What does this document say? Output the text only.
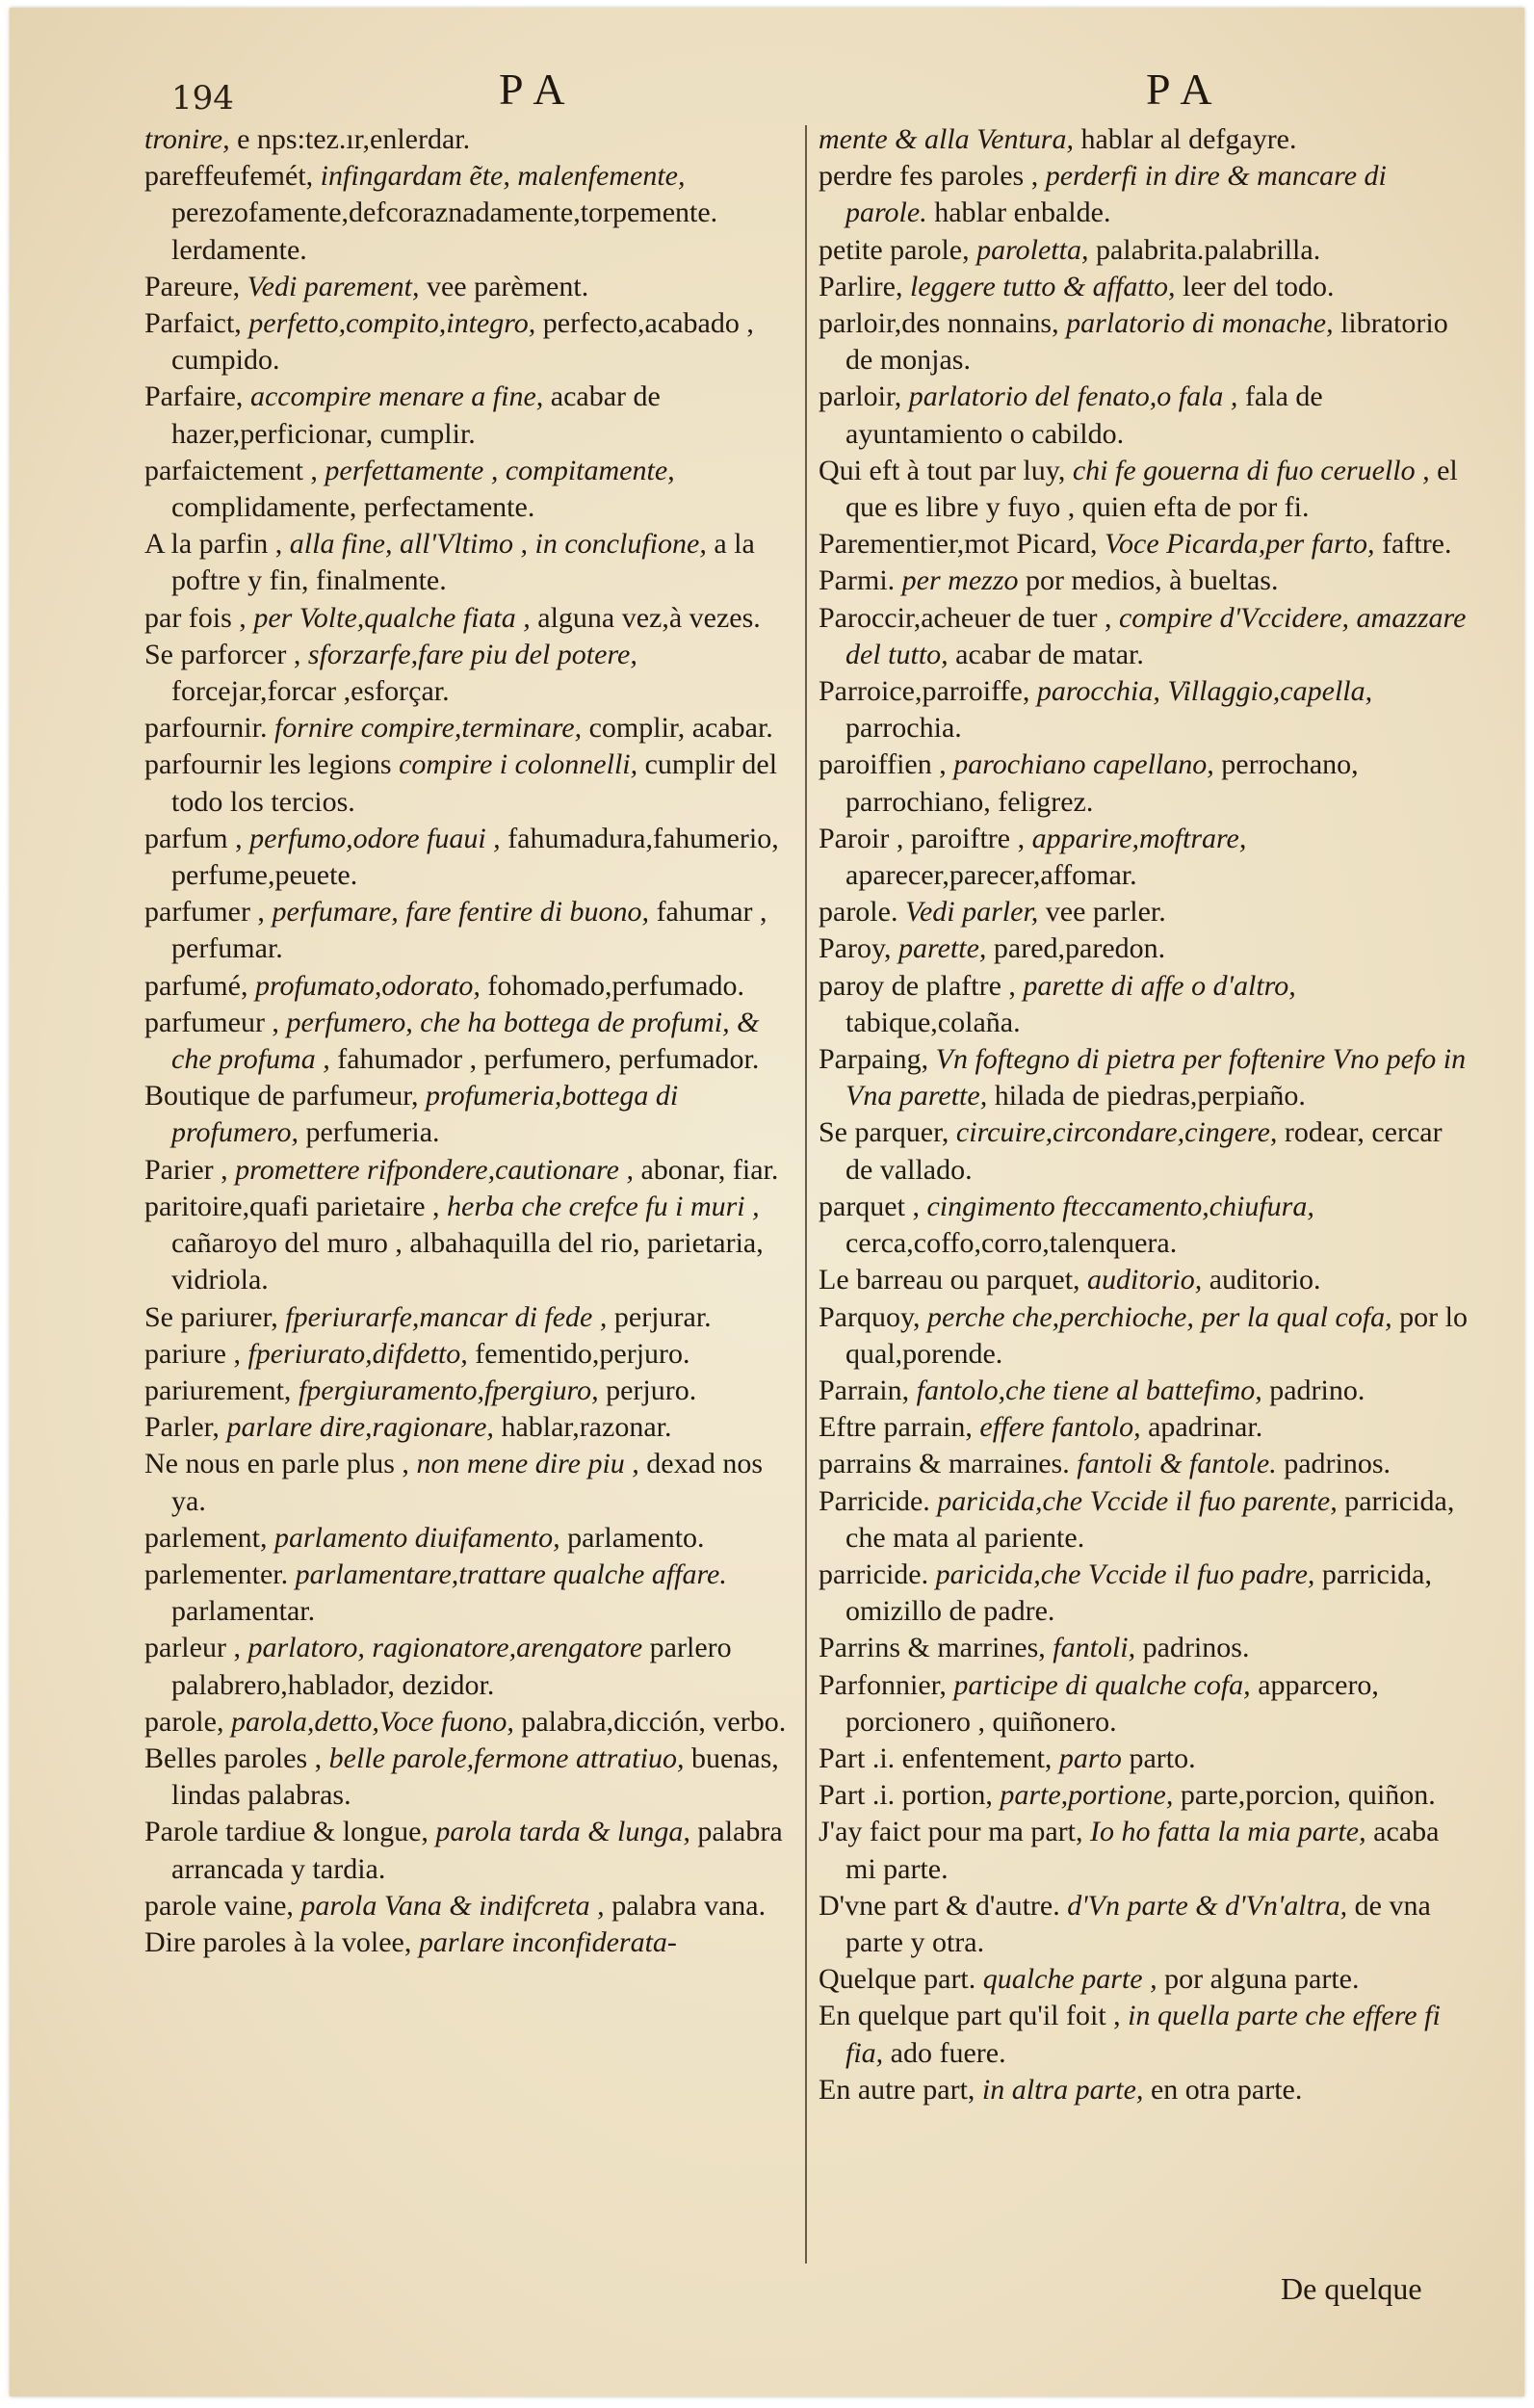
194	PA	PA

tronire, e nps:tez.ır,enlerdar.

pareffeufemét, infingardam ẽte, malenfemente, perezofamente,defcoraznadamente,torpemente. lerdamente.

Pareure, Vedi parement, vee parèment.

Parfaict, perfetto,compito,integro, perfecto,acabado , cumpido.

Parfaire, accompire menare a fine, acabar de hazer,perficionar, cumplir.

parfaictement , perfettamente , compitamente, complidamente, perfectamente.

A la parfin , alla fine, all'Vltimo , in conclufione, a la poftre y fin, finalmente.

par fois , per Volte,qualche fiata , alguna vez,à vezes.

Se parforcer , sforzarfe,fare piu del potere, forcejar,forcar ,esforçar.

parfournir. fornire compire,terminare, complir, acabar.

parfournir les legions compire i colonnelli, cumplir del todo los tercios.

parfum , perfumo,odore fuaui , fahumadura,fahumerio, perfume,peuete.

parfumer , perfumare, fare fentire di buono, fahumar , perfumar.

parfumé, profumato,odorato, fohomado,perfumado.

parfumeur , perfumero, che ha bottega de profumi, & che profuma , fahumador , perfumero, perfumador.

Boutique de parfumeur, profumeria,bottega di profumero, perfumeria.

Parier , promettere rifpondere,cautionare , abonar, fiar.

paritoire,quafi parietaire , herba che crefce fu i muri , cañaroyo del muro , albahaquilla del rio, parietaria, vidriola.

Se pariurer, fperiurarfe,mancar di fede , perjurar.

pariure , fperiurato,difdetto, fementido,perjuro.

pariurement, fpergiuramento,fpergiuro, perjuro.

Parler, parlare dire,ragionare, hablar,razonar.

Ne nous en parle plus , non mene dire piu , dexad nos ya.

parlement, parlamento diuifamento, parlamento.

parlementer. parlamentare,trattare qualche affare. parlamentar.

parleur , parlatoro, ragionatore,arengatore parlero palabrero,hablador, dezidor.

parole, parola,detto,Voce fuono, palabra,dicción, verbo.

Belles paroles , belle parole,fermone attratiuo, buenas, lindas palabras.

Parole tardiue & longue, parola tarda & lunga, palabra arrancada y tardia.

parole vaine, parola Vana & indifcreta , palabra vana.

Dire paroles à la volee, parlare inconfiderata-

mente & alla Ventura, hablar al defgayre.

perdre fes paroles , perderfi in dire & mancare di parole. hablar enbalde.

petite parole, paroletta, palabrita.palabrilla.

Parlire, leggere tutto & affatto, leer del todo.

parloir,des nonnains, parlatorio di monache, libratorio de monjas.

parloir, parlatorio del fenato,o fala , fala de ayuntamiento o cabildo.

Qui eft à tout par luy, chi fe gouerna di fuo ceruello , el que es libre y fuyo , quien efta de por fi.

Parementier,mot Picard, Voce Picarda,per farto, faftre.

Parmi. per mezzo por medios, à bueltas.

Paroccir,acheuer de tuer , compire d'Vccidere, amazzare del tutto, acabar de matar.

Parroice,parroiffe, parocchia, Villaggio,capella, parrochia.

paroiffien , parochiano capellano, perrochano, parrochiano, feligrez.

Paroir , paroiftre , apparire,moftrare, aparecer,parecer,affomar.

parole. Vedi parler, vee parler.

Paroy, parette, pared,paredon.

paroy de plaftre , parette di affe o d'altro, tabique,colaña.

Parpaing, Vn foftegno di pietra per foftenire Vno pefo in Vna parette, hilada de piedras,perpiaño.

Se parquer, circuire,circondare,cingere, rodear, cercar de vallado.

parquet , cingimento fteccamento,chiufura, cerca,coffo,corro,talenquera.

Le barreau ou parquet, auditorio, auditorio.

Parquoy, perche che,perchioche, per la qual cofa, por lo qual,porende.

Parrain, fantolo,che tiene al battefimo, padrino.

Eftre parrain, effere fantolo, apadrinar.

parrains & marraines. fantoli & fantole. padrinos.

Parricide. paricida,che Vccide il fuo parente, parricida, che mata al pariente.

parricide. paricida,che Vccide il fuo padre, parricida, omizillo de padre.

Parrins & marrines, fantoli, padrinos.

Parfonnier, participe di qualche cofa, apparcero, porcionero , quiñonero.

Part .i. enfentement, parto parto.

Part .i. portion, parte,portione, parte,porcion, quiñon.

J'ay faict pour ma part, Io ho fatta la mia parte, acaba mi parte.

D'vne part & d'autre. d'Vn parte & d'Vn'altra, de vna parte y otra.

Quelque part. qualche parte , por alguna parte.

En quelque part qu'il foit , in quella parte che effere fi fia, ado fuere.

En autre part, in altra parte, en otra parte.

De quelque
